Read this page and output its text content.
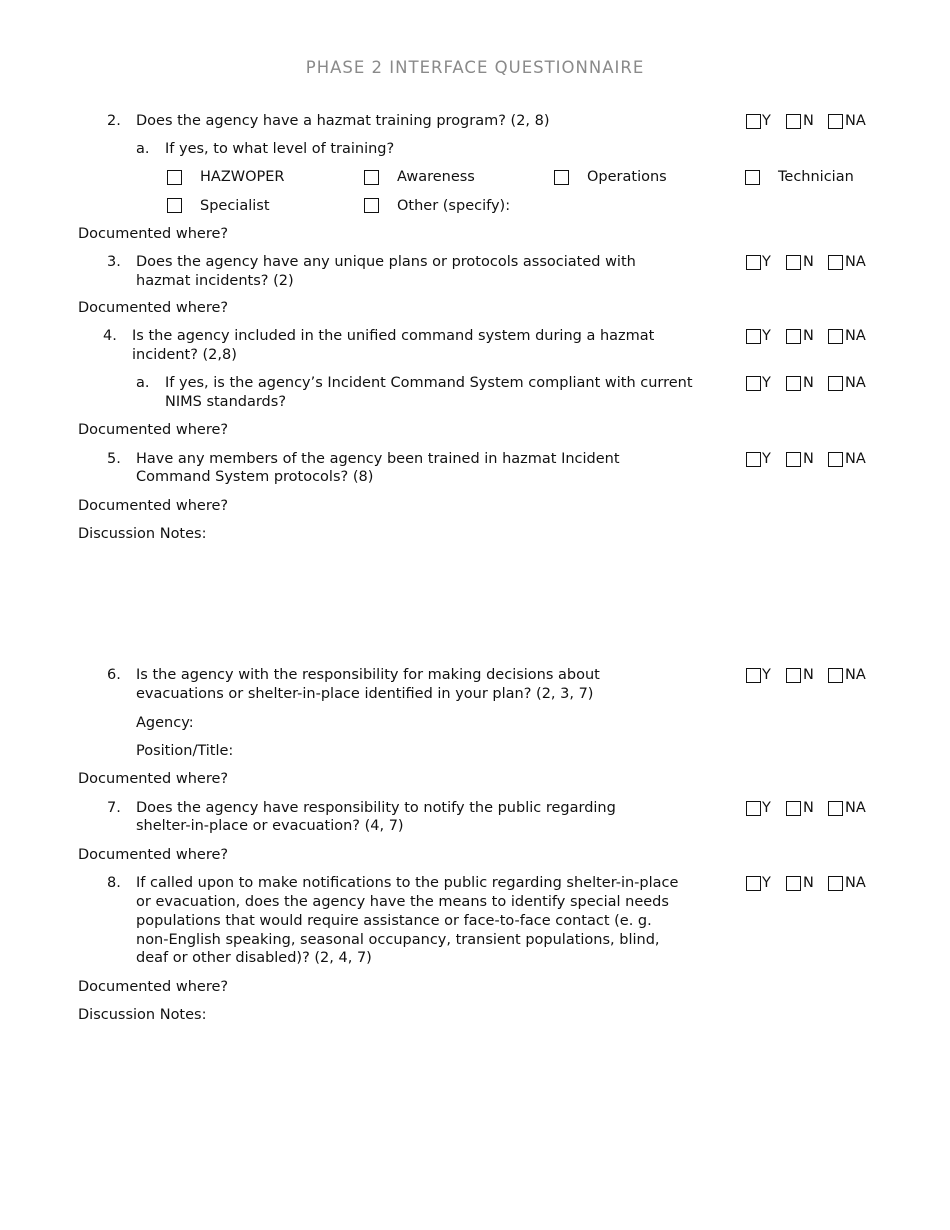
PHASE 2 INTERFACE QUESTIONNAIRE
2. Does the agency have a hazmat training program? (2, 8)	Y N NA
a. If yes, to what level of training?
HAZWOPER	Awareness	Operations	Technician
Specialist	Other (specify):
Documented where?
3. Does the agency have any unique plans or protocols associated with
hazmat incidents? (2)
Y N NA
Documented where?
4. Is the agency included in the unified command system during a hazmat
incident? (2,8)
Y N NA
a. If yes, is the agency’s Incident Command System compliant with current
NIMS standards?
Y N NA
Documented where?
5. Have any members of the agency been trained in hazmat Incident
Command System protocols? (8)
Y N NA
Documented where?
Discussion Notes:
6. Is the agency with the responsibility for making decisions about
evacuations or shelter-in-place identified in your plan? (2, 3, 7)
Y N NA
Agency:
Position/Title:
Documented where?
7. Does the agency have responsibility to notify the public regarding
shelter-in-place or evacuation? (4, 7)
Y N NA
Documented where?
8. If called upon to make notifications to the public regarding shelter-in-place
or evacuation, does the agency have the means to identify special needs
populations that would require assistance or face-to-face contact (e. g.
non-English speaking, seasonal occupancy, transient populations, blind,
deaf or other disabled)? (2, 4, 7)
Y N NA
Documented where?
Discussion Notes:
